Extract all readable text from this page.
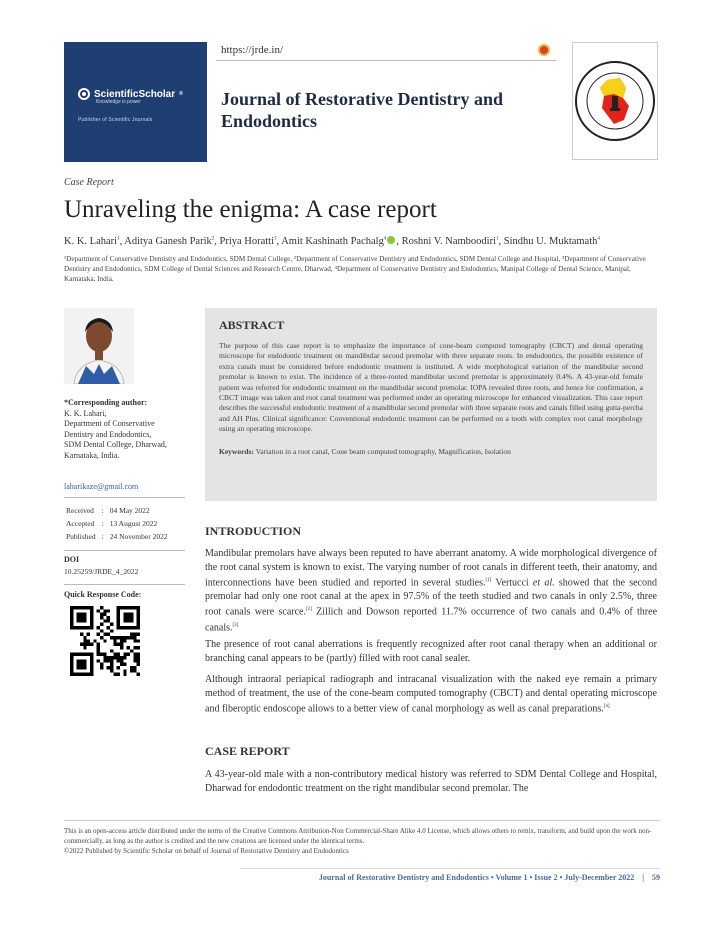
ScientificScholar ®
Knowledge is power
Publisher of Scientific Journals
https://jrde.in/
Journal of Restorative Dentistry and Endodontics
Case Report
Unraveling the enigma: A case report
K. K. Lahari$^1$, Aditya Ganesh Parik$^2$, Priya Horatti$^3$, Amit Kashinath Pachalg$^4$ , Roshni V. Namboodiri$^1$, Sindhu U. Muktamath$^4$
¹Department of Conservative Dentistry and Endodontics, SDM Dental College, ²Department of Conservative Dentistry and Endodontics, SDM Dental College and Hospital, ³Department of Conservative Dentistry and Endodontics, SDM College of Dental Sciences and Research Centre, Dharwad, ⁴Department of Conservative Dentistry and Endodontics, Manipal College of Dental Science, Manipal, Karnataka, India.
*Corresponding author:
K. K. Lahari,
Department of Conservative
Dentistry and Endodontics,
SDM Dental College, Dharwad,
Karnataka, India.
laharikaze@gmail.com
Received	:	04 May 2022
Accepted	:	13 August 2022
Published	:	24 November 2022
DOI
10.25259/JRDE_4_2022
Quick Response Code:
ABSTRACT

The purpose of this case report is to emphasize the importance of cone-beam computed tomography (CBCT) and dental operating microscope for endodontic treatment on mandibular second premolar with three separate roots. In endodontics, the possible existence of extra canals must be considered before endodontic treatment is instituted. A wide morphological variation of the mandibular second premolar is known to exist. The incidence of a three-rooted mandibular second premolar is approximately 0.4%. A 43-year-old female patient was referred for endodontic treatment on the mandibular second premolar. IOPA revealed three roots, and hence for confirmation, a CBCT image was taken and root canal treatment was performed under an operating microscope for enhanced visualization. This case report describes the successful endodontic treatment of a mandibular second premolar with three separate roots and canals filled using gutta-percha and AH Plus. Clinical significance: Conventional endodontic treatment can be performed on a tooth with complex root canal morphology using an operating microscope.

Keywords: Variation in a root canal, Cone beam computed tomography, Magnification, Isolation
INTRODUCTION

Mandibular premolars have always been reputed to have aberrant anatomy. A wide morphological divergence of the root canal system is known to exist. The varying number of root canals in different teeth, their anatomy, and interconnections have been studied and reported in several studies.[1] Vertucci et al. showed that the second premolar had only one root canal at the apex in 97.5% of the teeth studied and two canals in only 2.5%, three root canals were scarce.[2] Zillich and Dowson reported 11.7% occurrence of two canals and 0.4% of three canals.[3]

The presence of root canal aberrations is frequently recognized after root canal therapy when an additional or branching canal appears to be (partly) filled with root canal sealer.

Although intraoral periapical radiograph and intracanal visualization with the naked eye remain a primary method of treatment, the use of the cone-beam computed tomography (CBCT) and dental operating microscope and fiberoptic endoscope allows to a better view of canal morphology as well as canal preparations.[4]

CASE REPORT

A 43-year-old male with a non-contributory medical history was referred to SDM Dental College and Hospital, Dharwad for endodontic treatment on the right mandibular second premolar. The

This is an open-access article distributed under the terms of the Creative Commons Attribution-Non Commercial-Share Alike 4.0 License, which allows others to remix, transform, and build upon the work non-commercially, as long as the author is credited and the new creations are licensed under the identical terms.
©2022 Published by Scientific Scholar on behalf of Journal of Restorative Dentistry and Endodontics
Journal of Restorative Dentistry and Endodontics • Volume 1 • Issue 2 • July-December 2022 | 59
